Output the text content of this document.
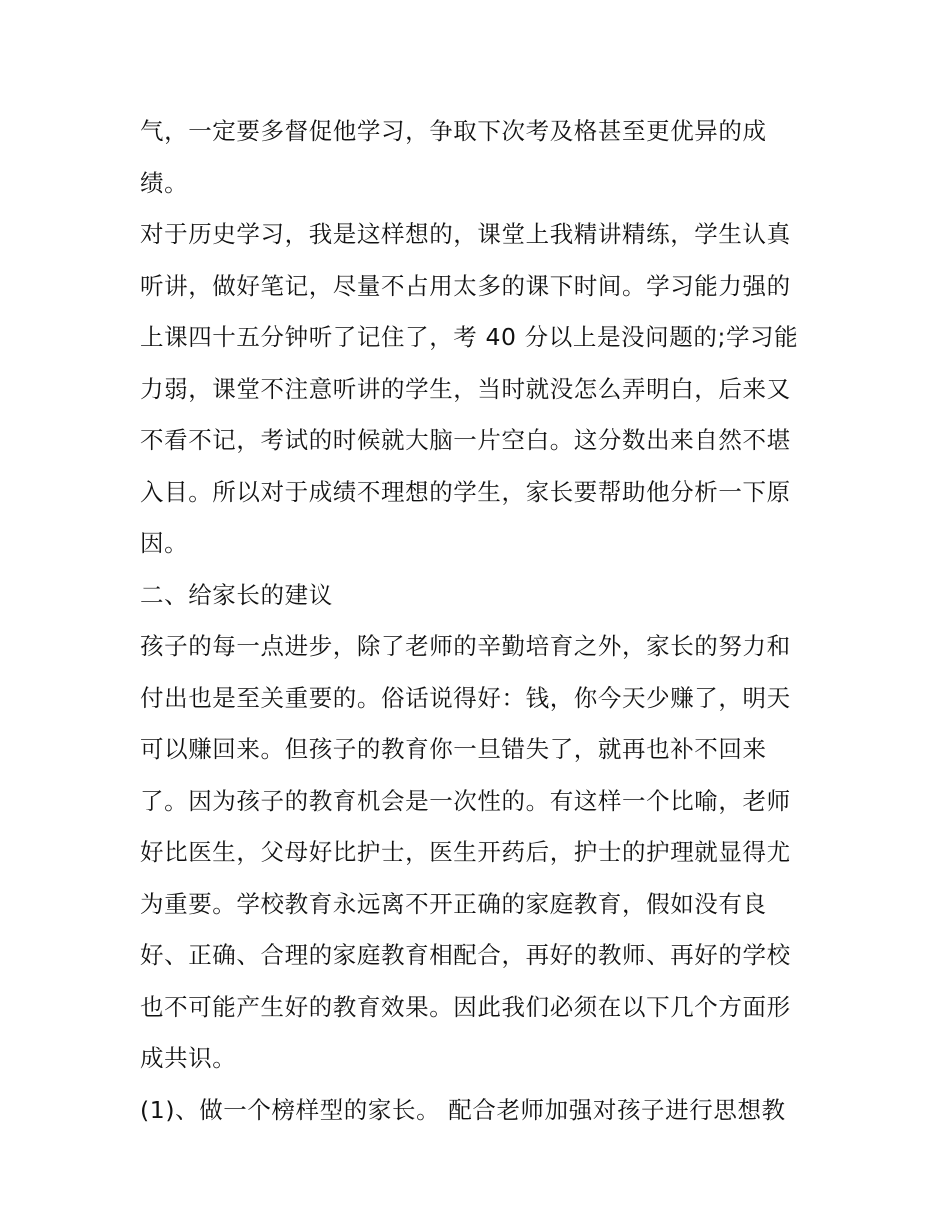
气，一定要多督促他学习，争取下次考及格甚至更优异的成
绩。
对于历史学习，我是这样想的，课堂上我精讲精练，学生认真
听讲，做好笔记，尽量不占用太多的课下时间。学习能力强的
上课四十五分钟听了记住了，考 40 分以上是没问题的;学习能
力弱，课堂不注意听讲的学生，当时就没怎么弄明白，后来又
不看不记，考试的时候就大脑一片空白。这分数出来自然不堪
入目。所以对于成绩不理想的学生，家长要帮助他分析一下原
因。
二、给家长的建议
孩子的每一点进步，除了老师的辛勤培育之外，家长的努力和
付出也是至关重要的。俗话说得好：钱，你今天少赚了，明天
可以赚回来。但孩子的教育你一旦错失了，就再也补不回来
了。因为孩子的教育机会是一次性的。有这样一个比喻，老师
好比医生，父母好比护士，医生开药后，护士的护理就显得尤
为重要。学校教育永远离不开正确的家庭教育，假如没有良
好、正确、合理的家庭教育相配合，再好的教师、再好的学校
也不可能产生好的教育效果。因此我们必须在以下几个方面形
成共识。
(1)、做一个榜样型的家长。 配合老师加强对孩子进行思想教
